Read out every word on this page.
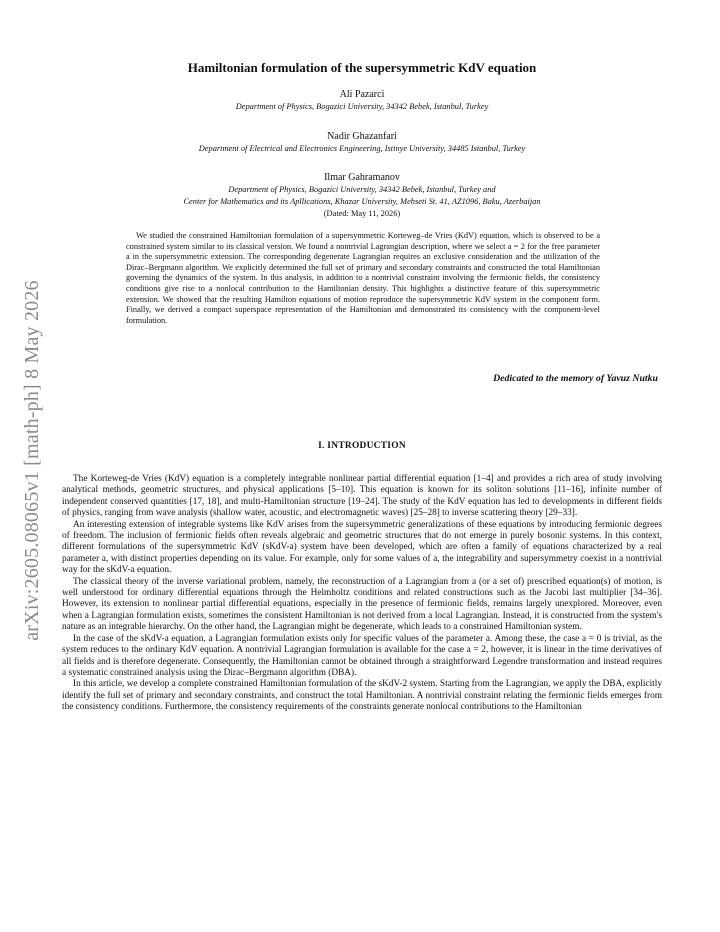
arXiv:2605.08065v1 [math-ph] 8 May 2026
Hamiltonian formulation of the supersymmetric KdV equation
Ali Pazarci
Department of Physics, Bogazici University, 34342 Bebek, Istanbul, Turkey
Nadir Ghazanfari
Department of Electrical and Electronics Engineering, Istinye University, 34485 Istanbul, Turkey
Ilmar Gahramanov
Department of Physics, Bogazici University, 34342 Bebek, Istanbul, Turkey and
Center for Mathematics and its Apllications, Khazar University, Mehseti St. 41, AZ1096, Baku, Azerbaijan
(Dated: May 11, 2026)
We studied the constrained Hamiltonian formulation of a supersymmetric Korteweg–de Vries (KdV) equation, which is observed to be a constrained system similar to its classical version. We found a nontrivial Lagrangian description, where we select a = 2 for the free parameter a in the supersymmetric extension. The corresponding degenerate Lagrangian requires an exclusive consideration and the utilization of the Dirac–Bergmann algorithm. We explicitly determined the full set of primary and secondary constraints and constructed the total Hamiltonian governing the dynamics of the system. In this analysis, in addition to a nontrivial constraint involving the fermionic fields, the consistency conditions give rise to a nonlocal contribution to the Hamiltonian density. This highlights a distinctive feature of this supersymmetric extension. We showed that the resulting Hamilton equations of motion reproduce the supersymmetric KdV system in the component form. Finally, we derived a compact superspace representation of the Hamiltonian and demonstrated its consistency with the component-level formulation.
Dedicated to the memory of Yavuz Nutku
I. INTRODUCTION

The Korteweg-de Vries (KdV) equation is a completely integrable nonlinear partial differential equation [1–4] and provides a rich area of study involving analytical methods, geometric structures, and physical applications [5–10]. This equation is known for its soliton solutions [11–16], infinite number of independent conserved quantities [17, 18], and multi-Hamiltonian structure [19–24]. The study of the KdV equation has led to developments in different fields of physics, ranging from wave analysis (shallow water, acoustic, and electromagnetic waves) [25–28] to inverse scattering theory [29–33].

An interesting extension of integrable systems like KdV arises from the supersymmetric generalizations of these equations by introducing fermionic degrees of freedom. The inclusion of fermionic fields often reveals algebraic and geometric structures that do not emerge in purely bosonic systems. In this context, different formulations of the supersymmetric KdV (sKdV-a) system have been developed, which are often a family of equations characterized by a real parameter a, with distinct properties depending on its value. For example, only for some values of a, the integrability and supersymmetry coexist in a nontrivial way for the sKdV-a equation.

The classical theory of the inverse variational problem, namely, the reconstruction of a Lagrangian from a (or a set of) prescribed equation(s) of motion, is well understood for ordinary differential equations through the Helmholtz conditions and related constructions such as the Jacobi last multiplier [34–36]. However, its extension to nonlinear partial differential equations, especially in the presence of fermionic fields, remains largely unexplored. Moreover, even when a Lagrangian formulation exists, sometimes the consistent Hamiltonian is not derived from a local Lagrangian. Instead, it is constructed from the system's nature as an integrable hierarchy. On the other hand, the Lagrangian might be degenerate, which leads to a constrained Hamiltonian system.

In the case of the sKdV-a equation, a Lagrangian formulation exists only for specific values of the parameter a. Among these, the case a = 0 is trivial, as the system reduces to the ordinary KdV equation. A nontrivial Lagrangian formulation is available for the case a = 2, however, it is linear in the time derivatives of all fields and is therefore degenerate. Consequently, the Hamiltonian cannot be obtained through a straightforward Legendre transformation and instead requires a systematic constrained analysis using the Dirac–Bergmann algorithm (DBA).

In this article, we develop a complete constrained Hamiltonian formulation of the sKdV-2 system. Starting from the Lagrangian, we apply the DBA, explicitly identify the full set of primary and secondary constraints, and construct the total Hamiltonian. A nontrivial constraint relating the fermionic fields emerges from the consistency conditions. Furthermore, the consistency requirements of the constraints generate nonlocal contributions to the Hamiltonian
